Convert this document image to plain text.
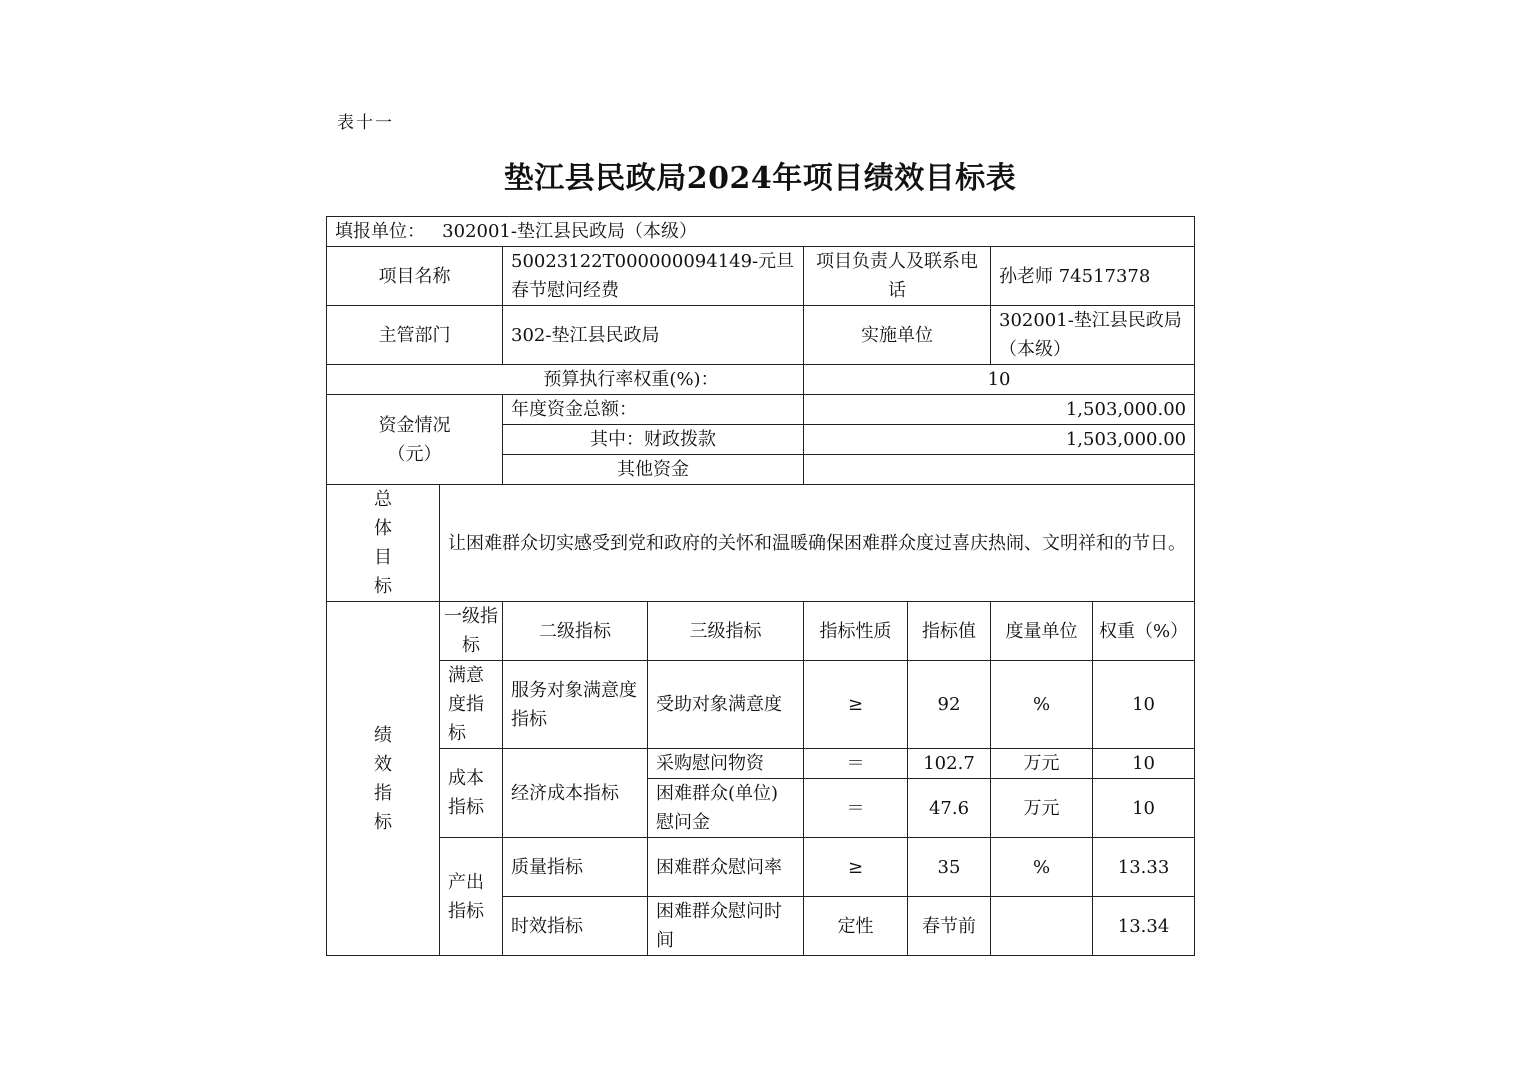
表十一
垫江县民政局2024年项目绩效目标表
填报单位： 302001-垫江县民政局（本级）							
项目名称		50023122T000000094149-元旦春节慰问经费		项目负责人及联系电话		孙老师 74517378	
主管部门		302-垫江县民政局		实施单位		302001-垫江县民政局（本级）	
预算执行率权重(%)：				10			
资金情况（元）		年度资金总额：		1,503,000.00			
		其中：财政拨款		1,503,000.00			
		其他资金					

总
体
目
标	让困难群众切实感受到党和政府的关怀和温暖确保困难群众度过喜庆热闹、文明祥和的节日。						

绩
效
指
标	一级指标	二级指标	三级指标	指标性质	指标值	度量单位	权重（%）
	满意度指标	服务对象满意度指标	受助对象满意度	≥	92	%	10
	成本指标	经济成本指标	采购慰问物资	＝	102.7	万元	10
			困难群众(单位)慰问金	＝	47.6	万元	10
	产出指标	质量指标	困难群众慰问率	≥	35	%	13.33
		时效指标	困难群众慰问时间	定性	春节前		13.34
